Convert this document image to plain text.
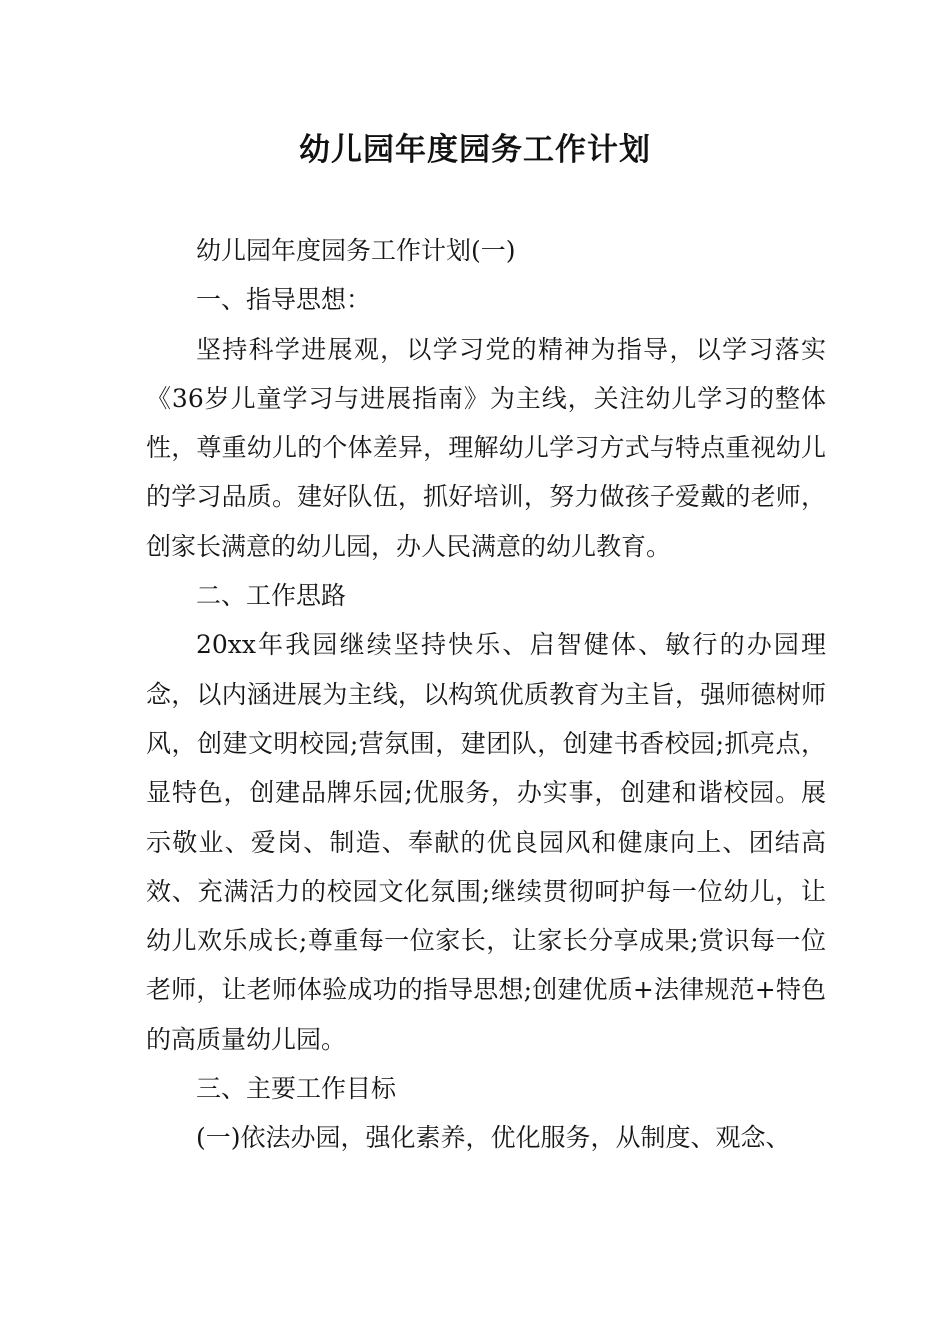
幼儿园年度园务工作计划

幼儿园年度园务工作计划(一)

一、指导思想：

坚持科学进展观，以学习党的精神为指导，以学习落实《36岁儿童学习与进展指南》为主线，关注幼儿学习的整体性，尊重幼儿的个体差异，理解幼儿学习方式与特点重视幼儿的学习品质。建好队伍，抓好培训，努力做孩子爱戴的老师，创家长满意的幼儿园，办人民满意的幼儿教育。

二、工作思路

20xx年我园继续坚持快乐、启智健体、敏行的办园理念，以内涵进展为主线，以构筑优质教育为主旨，强师德树师风，创建文明校园;营氛围，建团队，创建书香校园;抓亮点，显特色，创建品牌乐园;优服务，办实事，创建和谐校园。展示敬业、爱岗、制造、奉献的优良园风和健康向上、团结高效、充满活力的校园文化氛围;继续贯彻呵护每一位幼儿，让幼儿欢乐成长;尊重每一位家长，让家长分享成果;赏识每一位老师，让老师体验成功的指导思想;创建优质+法律规范+特色的高质量幼儿园。

三、主要工作目标

(一)依法办园，强化素养，优化服务，从制度、观念、
